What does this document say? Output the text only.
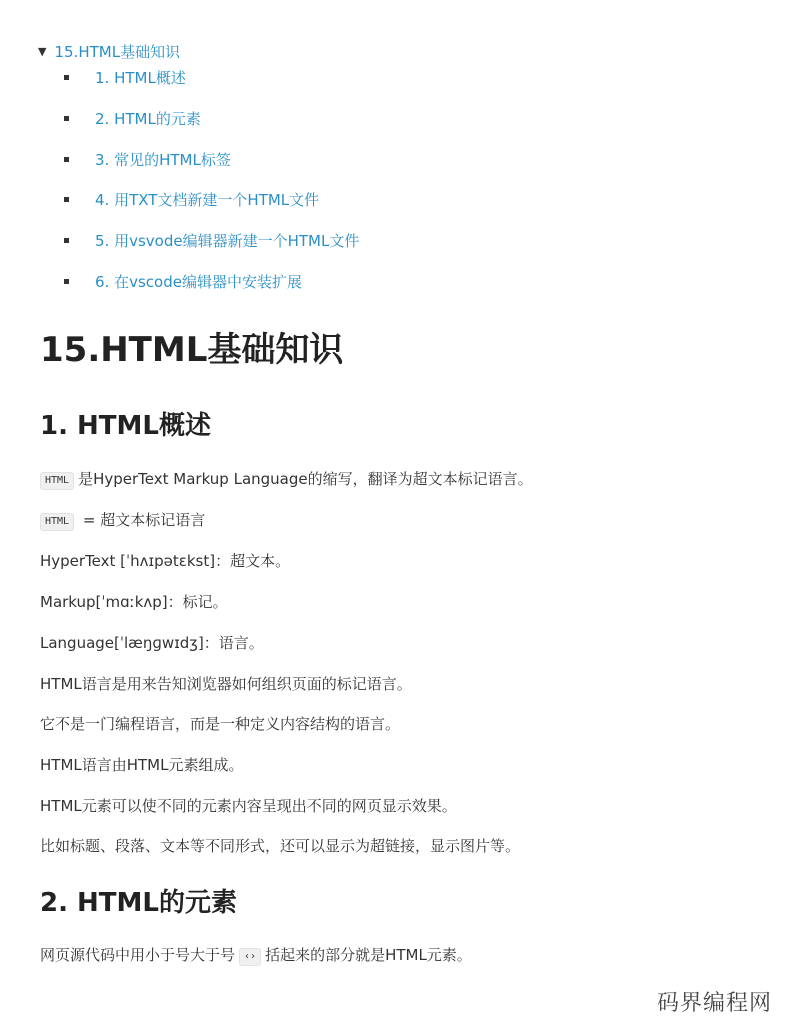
▼ 15.HTML基础知识
1. HTML概述
2. HTML的元素
3. 常见的HTML标签
4. 用TXT文档新建一个HTML文件
5. 用vsvode编辑器新建一个HTML文件
6. 在vscode编辑器中安装扩展
15.HTML基础知识
1. HTML概述

HTML 是HyperText Markup Language的缩写，翻译为超文本标记语言。

HTML = 超文本标记语言

HyperText [ˈhʌɪpətɛkst]：超文本。

Markup[ˈmɑːkʌp]：标记。

Language[ˈlæŋɡwɪdʒ]：语言。

HTML语言是用来告知浏览器如何组织页面的标记语言。

它不是一门编程语言，而是一种定义内容结构的语言。

HTML语言由HTML元素组成。

HTML元素可以使不同的元素内容呈现出不同的网页显示效果。

比如标题、段落、文本等不同形式，还可以显示为超链接，显示图片等。

2. HTML的元素

网页源代码中用小于号大于号 ‹› 括起来的部分就是HTML元素。

码界编程网
